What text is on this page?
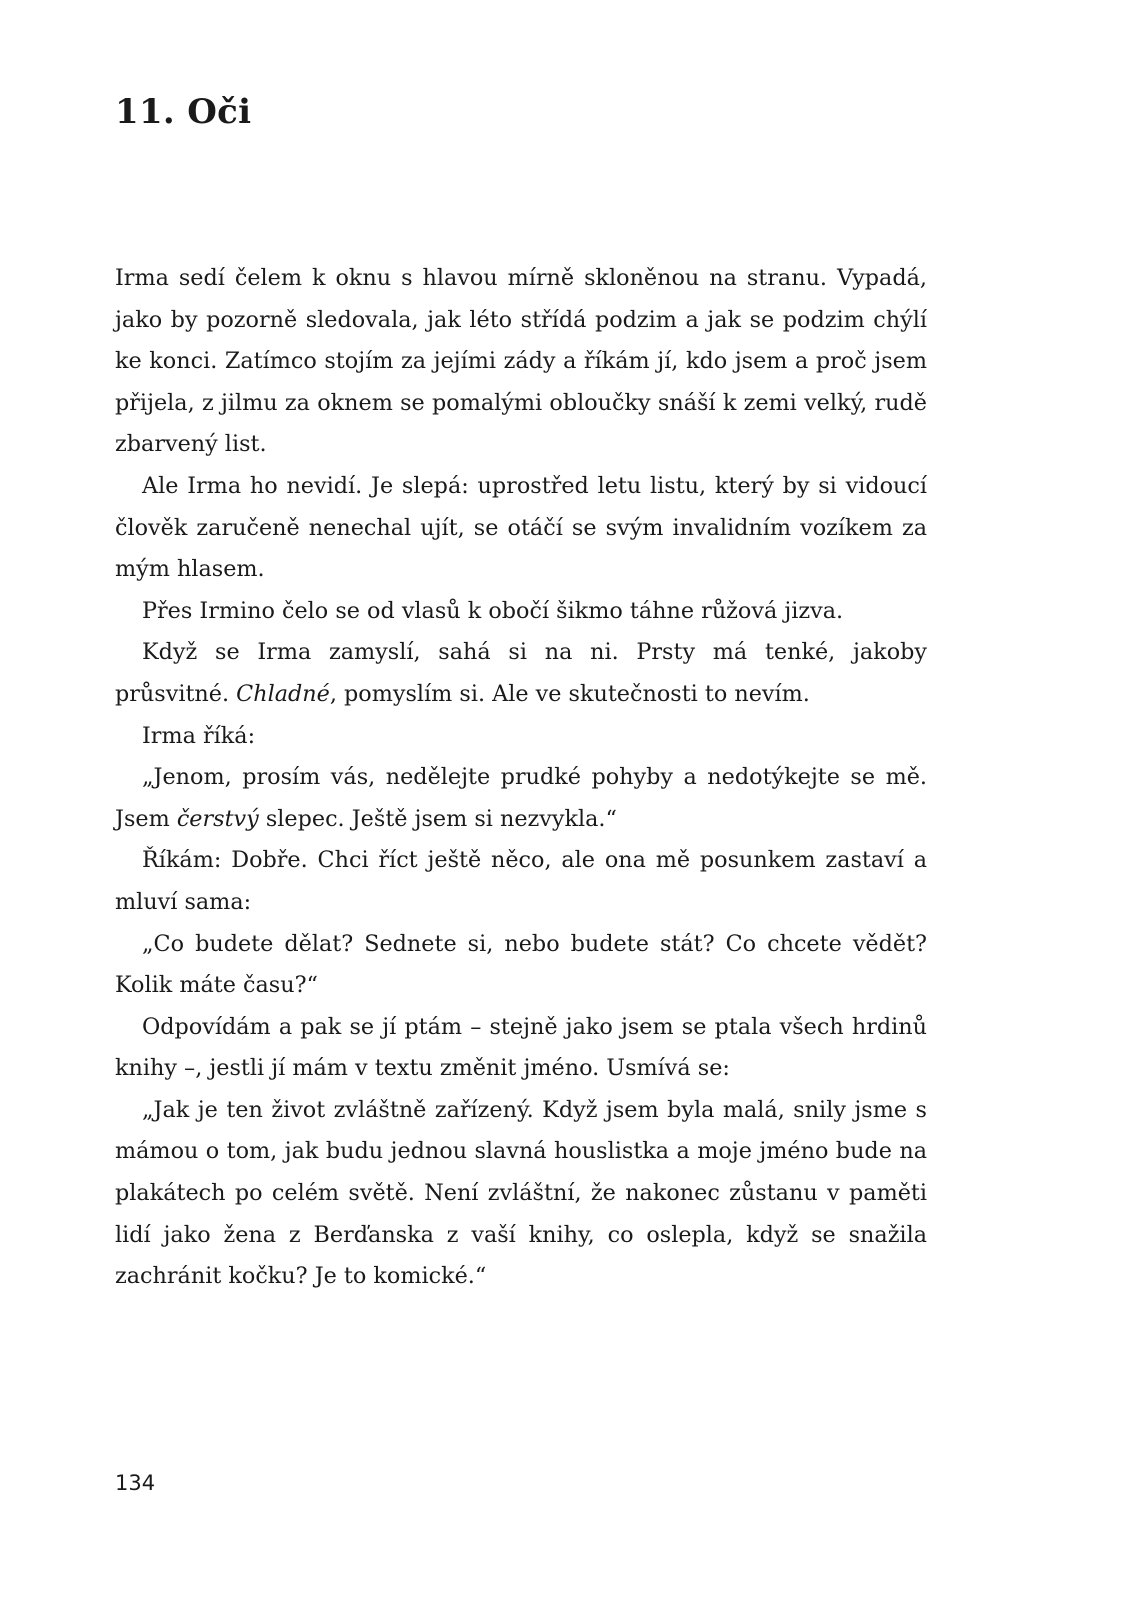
11. Oči

Irma sedí čelem k oknu s hlavou mírně skloněnou na stranu. Vypadá, jako by pozorně sledovala, jak léto střídá podzim a jak se podzim chýlí ke konci. Zatímco stojím za jejími zády a říkám jí, kdo jsem a proč jsem přijela, z jilmu za oknem se pomalými obloučky snáší k zemi velký, rudě zbarvený list.

Ale Irma ho nevidí. Je slepá: uprostřed letu listu, který by si vidoucí člověk zaručeně nenechal ujít, se otáčí se svým invalidním vozíkem za mým hlasem.

Přes Irmino čelo se od vlasů k obočí šikmo táhne růžová jizva.

Když se Irma zamyslí, sahá si na ni. Prsty má tenké, jakoby průsvitné. Chladné, pomyslím si. Ale ve skutečnosti to nevím.

Irma říká:

„Jenom, prosím vás, nedělejte prudké pohyby a nedotýkejte se mě. Jsem čerstvý slepec. Ještě jsem si nezvykla.“

Říkám: Dobře. Chci říct ještě něco, ale ona mě posunkem zastaví a mluví sama:

„Co budete dělat? Sednete si, nebo budete stát? Co chcete vědět? Kolik máte času?“

Odpovídám a pak se jí ptám – stejně jako jsem se ptala všech hrdinů knihy –, jestli jí mám v textu změnit jméno. Usmívá se:

„Jak je ten život zvláštně zařízený. Když jsem byla malá, snily jsme s mámou o tom, jak budu jednou slavná houslistka a moje jméno bude na plakátech po celém světě. Není zvláštní, že nakonec zůstanu v paměti lidí jako žena z Berďanska z vaší knihy, co oslepla, když se snažila zachránit kočku? Je to komické.“

134
